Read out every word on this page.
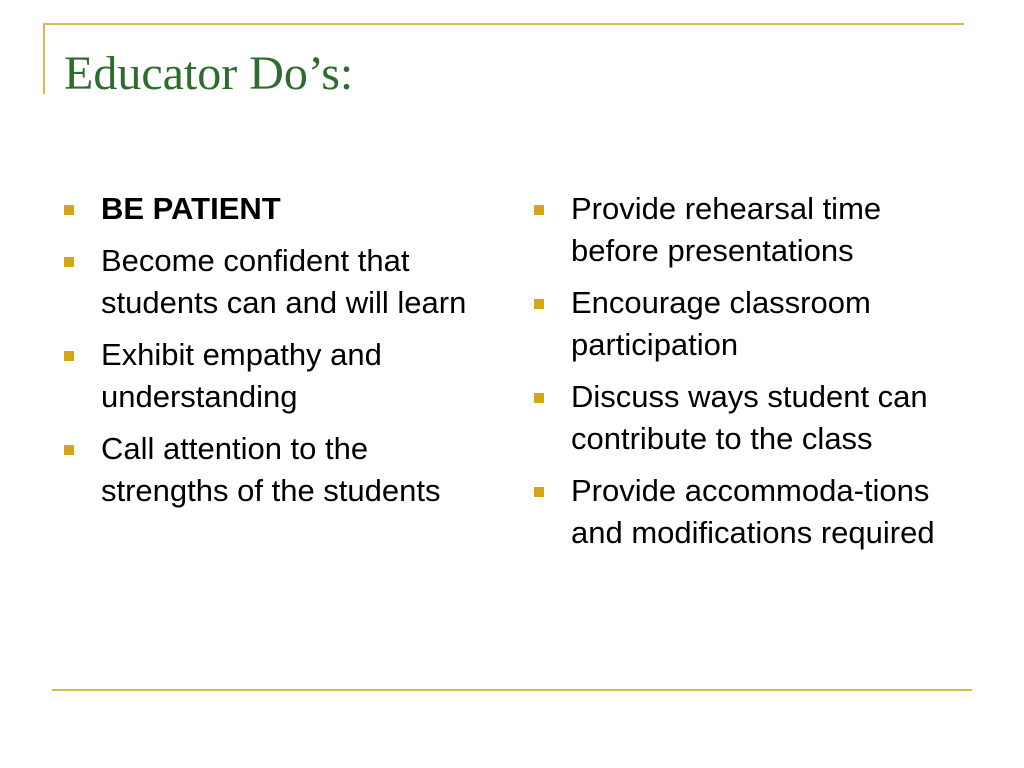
Educator Do’s:
BE PATIENT
Become confident that students can and will learn
Exhibit empathy and understanding
Call attention to the strengths of the students
Provide rehearsal time before presentations
Encourage classroom participation
Discuss ways student can contribute to the class
Provide accommoda-tions and modifications required
